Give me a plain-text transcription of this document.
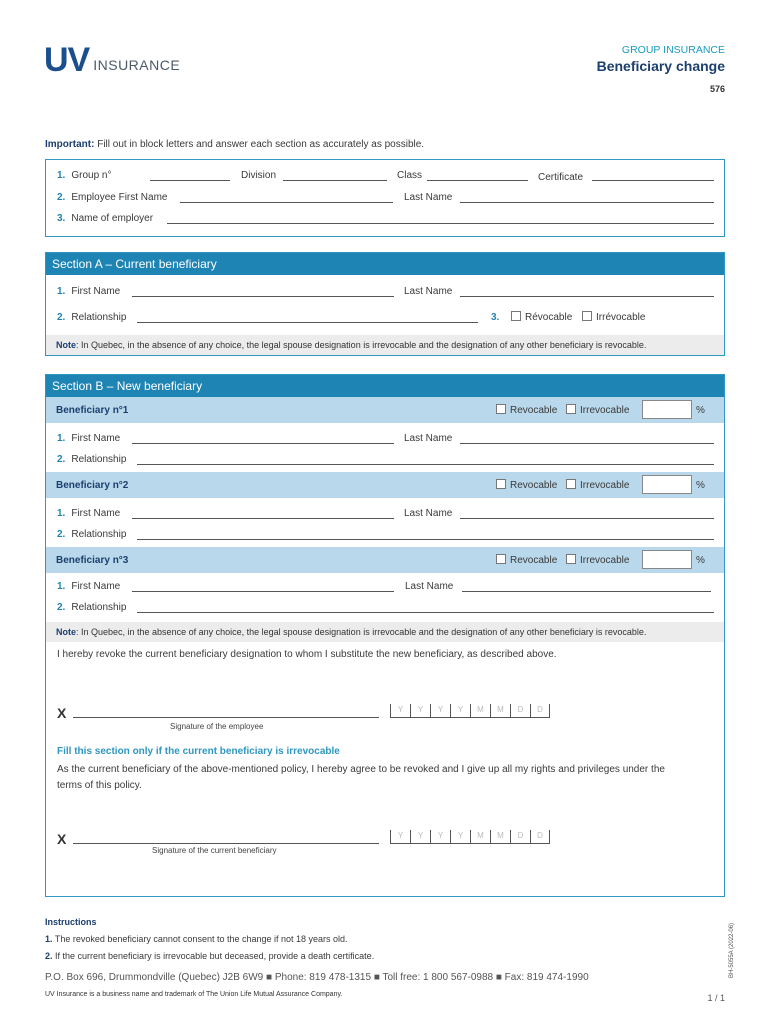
UV INSURANCE
GROUP INSURANCE
Beneficiary change
576
Important: Fill out in block letters and answer each section as accurately as possible.
1. Group n°	Division	Class	Certificate
2. Employee First Name	Last Name
3. Name of employer
Section A – Current beneficiary
1. First Name	Last Name
2. Relationship	3.	Révocable	Irrévocable
Note: In Quebec, in the absence of any choice, the legal spouse designation is irrevocable and the designation of any other beneficiary is revocable.
Section B – New beneficiary
Beneficiary n°1	Revocable	Irrevocable	%
1. First Name	Last Name
2. Relationship
Beneficiary n°2	Revocable	Irrevocable	%
1. First Name	Last Name
2. Relationship
Beneficiary n°3	Revocable	Irrevocable	%
1. First Name	Last Name
2. Relationship
Note: In Quebec, in the absence of any choice, the legal spouse designation is irrevocable and the designation of any other beneficiary is revocable.
I hereby revoke the current beneficiary designation to whom I substitute the new beneficiary, as described above.
X
Signature of the employee
Y	Y	Y	Y	M	M	D	D
Fill this section only if the current beneficiary is irrevocable
As the current beneficiary of the above-mentioned policy, I hereby agree to be revoked and I give up all my rights and privileges under the
terms of this policy.
X
Signature of the current beneficiary
Y	Y	Y	Y	M	M	D	D
Instructions
1. The revoked beneficiary cannot consent to the change if not 18 years old.
2. If the current beneficiary is irrevocable but deceased, provide a death certificate.
P.O. Box 696, Drummondville (Quebec) J2B 6W9 ■ Phone: 819 478-1315 ■ Toll free: 1 800 567-0988 ■ Fax: 819 474-1990
UV Insurance is a business name and trademark of The Union Life Mutual Assurance Company.	1 / 1
BH-5055A (2022-06)
